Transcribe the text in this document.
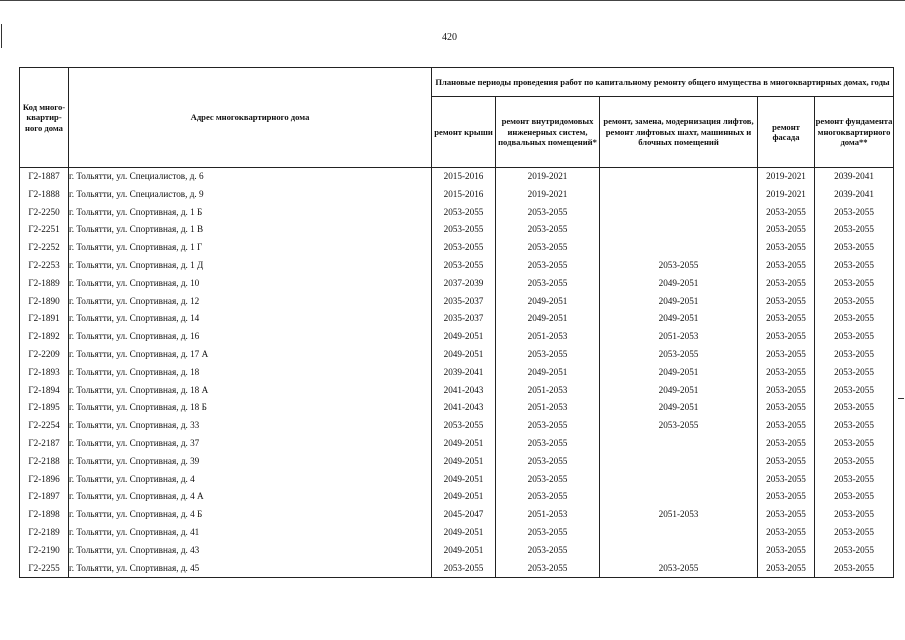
420
Код много-квартир-ного дома	Адрес многоквартирного дома	Плановые периоды проведения работ по капитальному ремонту общего имущества в многоквартирных домах, годы				
		ремонт крыши	ремонт внутридомовых инженерных систем, подвальных помещений*	ремонт, замена, модернизация лифтов, ремонт лифтовых шахт, машинных и блочных помещений	ремонт фасада	ремонт фундамента многоквартирного дома**
Г2-1887	г. Тольятти, ул. Специалистов, д. 6	2015-2016	2019-2021		2019-2021	2039-2041
Г2-1888	г. Тольятти, ул. Специалистов, д. 9	2015-2016	2019-2021		2019-2021	2039-2041
Г2-2250	г. Тольятти, ул. Спортивная, д. 1 Б	2053-2055	2053-2055		2053-2055	2053-2055
Г2-2251	г. Тольятти, ул. Спортивная, д. 1 В	2053-2055	2053-2055		2053-2055	2053-2055
Г2-2252	г. Тольятти, ул. Спортивная, д. 1 Г	2053-2055	2053-2055		2053-2055	2053-2055
Г2-2253	г. Тольятти, ул. Спортивная, д. 1 Д	2053-2055	2053-2055	2053-2055	2053-2055	2053-2055
Г2-1889	г. Тольятти, ул. Спортивная, д. 10	2037-2039	2053-2055	2049-2051	2053-2055	2053-2055
Г2-1890	г. Тольятти, ул. Спортивная, д. 12	2035-2037	2049-2051	2049-2051	2053-2055	2053-2055
Г2-1891	г. Тольятти, ул. Спортивная, д. 14	2035-2037	2049-2051	2049-2051	2053-2055	2053-2055
Г2-1892	г. Тольятти, ул. Спортивная, д. 16	2049-2051	2051-2053	2051-2053	2053-2055	2053-2055
Г2-2209	г. Тольятти, ул. Спортивная, д. 17 А	2049-2051	2053-2055	2053-2055	2053-2055	2053-2055
Г2-1893	г. Тольятти, ул. Спортивная, д. 18	2039-2041	2049-2051	2049-2051	2053-2055	2053-2055
Г2-1894	г. Тольятти, ул. Спортивная, д. 18 А	2041-2043	2051-2053	2049-2051	2053-2055	2053-2055
Г2-1895	г. Тольятти, ул. Спортивная, д. 18 Б	2041-2043	2051-2053	2049-2051	2053-2055	2053-2055
Г2-2254	г. Тольятти, ул. Спортивная, д. 33	2053-2055	2053-2055	2053-2055	2053-2055	2053-2055
Г2-2187	г. Тольятти, ул. Спортивная, д. 37	2049-2051	2053-2055		2053-2055	2053-2055
Г2-2188	г. Тольятти, ул. Спортивная, д. 39	2049-2051	2053-2055		2053-2055	2053-2055
Г2-1896	г. Тольятти, ул. Спортивная, д. 4	2049-2051	2053-2055		2053-2055	2053-2055
Г2-1897	г. Тольятти, ул. Спортивная, д. 4 А	2049-2051	2053-2055		2053-2055	2053-2055
Г2-1898	г. Тольятти, ул. Спортивная, д. 4 Б	2045-2047	2051-2053	2051-2053	2053-2055	2053-2055
Г2-2189	г. Тольятти, ул. Спортивная, д. 41	2049-2051	2053-2055		2053-2055	2053-2055
Г2-2190	г. Тольятти, ул. Спортивная, д. 43	2049-2051	2053-2055		2053-2055	2053-2055
Г2-2255	г. Тольятти, ул. Спортивная, д. 45	2053-2055	2053-2055	2053-2055	2053-2055	2053-2055
